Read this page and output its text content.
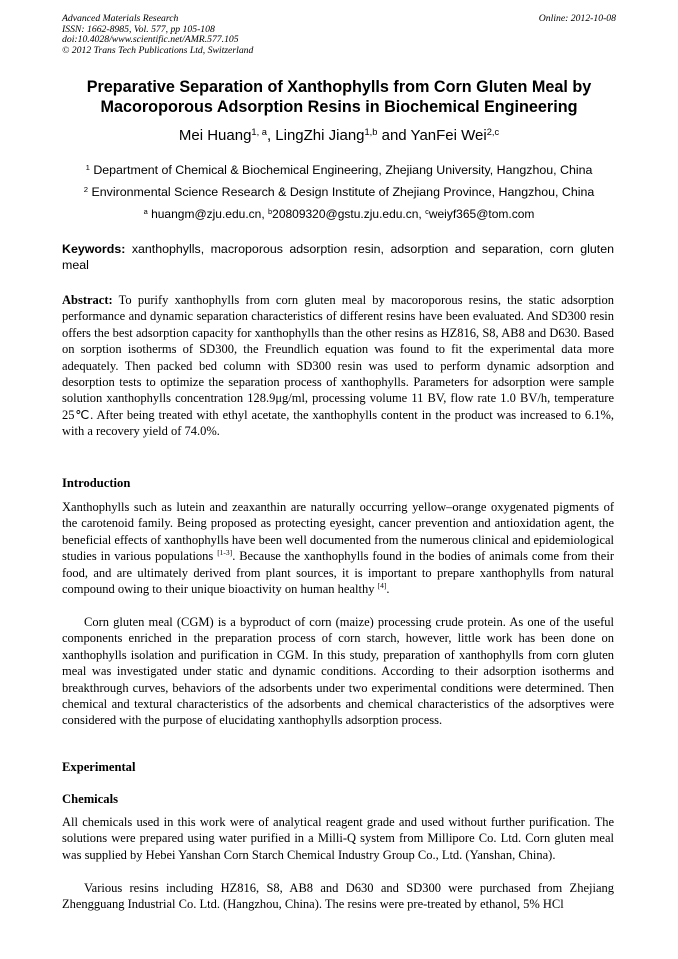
Advanced Materials Research
ISSN: 1662-8985, Vol. 577, pp 105-108
doi:10.4028/www.scientific.net/AMR.577.105
© 2012 Trans Tech Publications Ltd, Switzerland
Online: 2012-10-08
Preparative Separation of Xanthophylls from Corn Gluten Meal by
Macoroporous Adsorption Resins in Biochemical Engineering
Mei Huang$^{1, a}$, LingZhi Jiang$^{1,b}$ and YanFei Wei$^{2,c}$
$^1$ Department of Chemical & Biochemical Engineering, Zhejiang University, Hangzhou, China
$^2$ Environmental Science Research & Design Institute of Zhejiang Province, Hangzhou, China
$^a$ huangm@zju.edu.cn, $^b$20809320@gstu.zju.edu.cn, $^c$weiyf365@tom.com
Keywords: xanthophylls, macroporous adsorption resin, adsorption and separation, corn gluten meal
Abstract: To purify xanthophylls from corn gluten meal by macoroporous resins, the static adsorption performance and dynamic separation characteristics of different resins have been evaluated. And SD300 resin offers the best adsorption capacity for xanthophylls than the other resins as HZ816, S8, AB8 and D630. Based on sorption isotherms of SD300, the Freundlich equation was found to fit the experimental data more adequately. Then packed bed column with SD300 resin was used to perform dynamic adsorption and desorption tests to optimize the separation process of xanthophylls. Parameters for adsorption were sample solution xanthophylls concentration 128.9μg/ml, processing volume 11 BV, flow rate 1.0 BV/h, temperature 25℃. After being treated with ethyl acetate, the xanthophylls content in the product was increased to 6.1%, with a recovery yield of 74.0%.
Introduction

Xanthophylls such as lutein and zeaxanthin are naturally occurring yellow–orange oxygenated pigments of the carotenoid family. Being proposed as protecting eyesight, cancer prevention and antioxidation agent, the beneficial effects of xanthophylls have been well documented from the numerous clinical and epidemiological studies in various populations [1-3]. Because the xanthophylls found in the bodies of animals come from their food, and are ultimately derived from plant sources, it is important to prepare xanthophylls from natural compound owing to their unique bioactivity on human healthy [4].

Corn gluten meal (CGM) is a byproduct of corn (maize) processing crude protein. As one of the useful components enriched in the preparation process of corn starch, however, little work has been done on xanthophylls isolation and purification in CGM. In this study, preparation of xanthophylls from corn gluten meal was investigated under static and dynamic conditions. According to their adsorption isotherms and breakthrough curves, behaviors of the adsorbents under two experimental conditions were determined. Then chemical and textural characteristics of the adsorbents and chemical characteristics of the adsorptives were considered with the purpose of elucidating xanthophylls adsorption process.

Experimental
Chemicals

All chemicals used in this work were of analytical reagent grade and used without further purification. The solutions were prepared using water purified in a Milli-Q system from Millipore Co. Ltd. Corn gluten meal was supplied by Hebei Yanshan Corn Starch Chemical Industry Group Co., Ltd. (Yanshan, China).

Various resins including HZ816, S8, AB8 and D630 and SD300 were purchased from Zhejiang Zhengguang Industrial Co. Ltd. (Hangzhou, China). The resins were pre-treated by ethanol, 5% HCl
